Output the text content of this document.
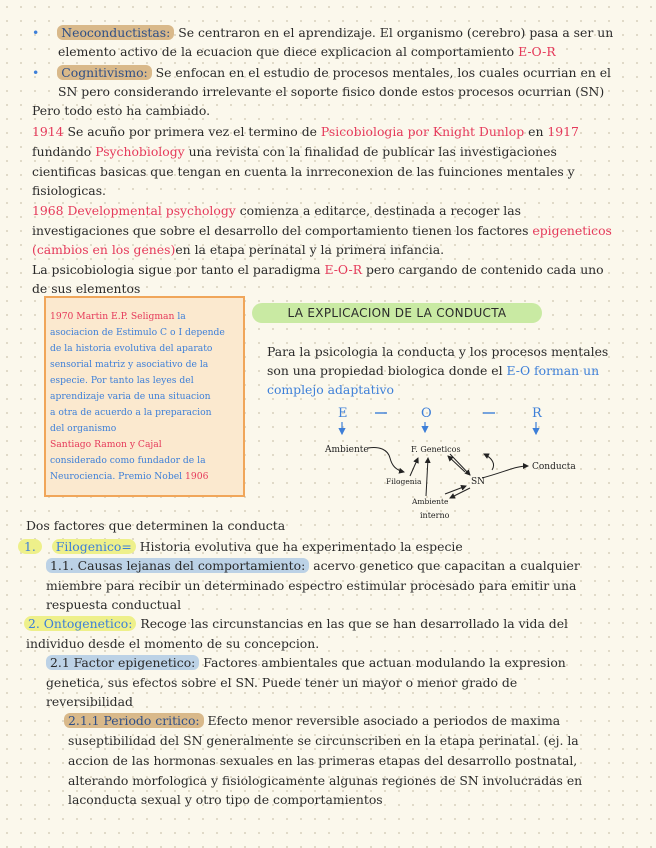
• Neoconductistas: Se centraron en el aprendizaje. El organismo (cerebro) pasa a ser un
elemento activo de la ecuacion que diece explicacion al comportamiento E-O-R
• Cognitivismo: Se enfocan en el estudio de procesos mentales, los cuales ocurrian en el
SN pero considerando irrelevante el soporte fisico donde estos procesos ocurrian (SN)
Pero todo esto ha cambiado.
1914 Se acuño por primera vez el termino de Psicobiologia por Knight Dunlop en 1917
fundando Psychobiology una revista con la finalidad de publicar las investigaciones
cientificas basicas que tengan en cuenta la inrreconexion de las fuinciones mentales y
fisiologicas.
1968 Developmental psychology comienza a editarce, destinada a recoger las
investigaciones que sobre el desarrollo del comportamiento tienen los factores epigeneticos
(cambios en los genes)en la etapa perinatal y la primera infancia.
La psicobiologia sigue por tanto el paradigma E-O-R pero cargando de contenido cada uno
de sus elementos
1970 Martin E.P. Seligman la
asociacion de Estimulo C o I depende
de la historia evolutiva del aparato
sensorial matriz y asociativo de la
especie. Por tanto las leyes del
aprendizaje varia de una situacion
a otra de acuerdo a la preparacion
del organismo
Santiago Ramon y Cajal
considerado como fundador de la
Neurociencia. Premio Nobel 1906
LA EXPLICACION DE LA CONDUCTA
Para la psicologia la conducta y los procesos mentales
son una propiedad biologica donde el E-O forman un
complejo adaptativo
E	O	R
Ambiente	F. Geneticos
Filogenia	SN
Conducta
Ambiente
interno
Dos factores que determinen la conducta
1. Filogenico= Historia evolutiva que ha experimentado la especie
1.1. Causas lejanas del comportamiento: acervo genetico que capacitan a cualquier
miembre para recibir un determinado espectro estimular procesado para emitir una
respuesta conductual
2. Ontogenetico: Recoge las circunstancias en las que se han desarrollado la vida del
individuo desde el momento de su concepcion.
2.1 Factor epigenetico: Factores ambientales que actuan modulando la expresion
genetica, sus efectos sobre el SN. Puede tener un mayor o menor grado de
reversibilidad
2.1.1 Periodo critico: Efecto menor reversible asociado a periodos de maxima
suseptibilidad del SN generalmente se circunscriben en la etapa perinatal. (ej. la
accion de las hormonas sexuales en las primeras etapas del desarrollo postnatal,
alterando morfologica y fisiologicamente algunas regiones de SN involucradas en
laconducta sexual y otro tipo de comportamientos
